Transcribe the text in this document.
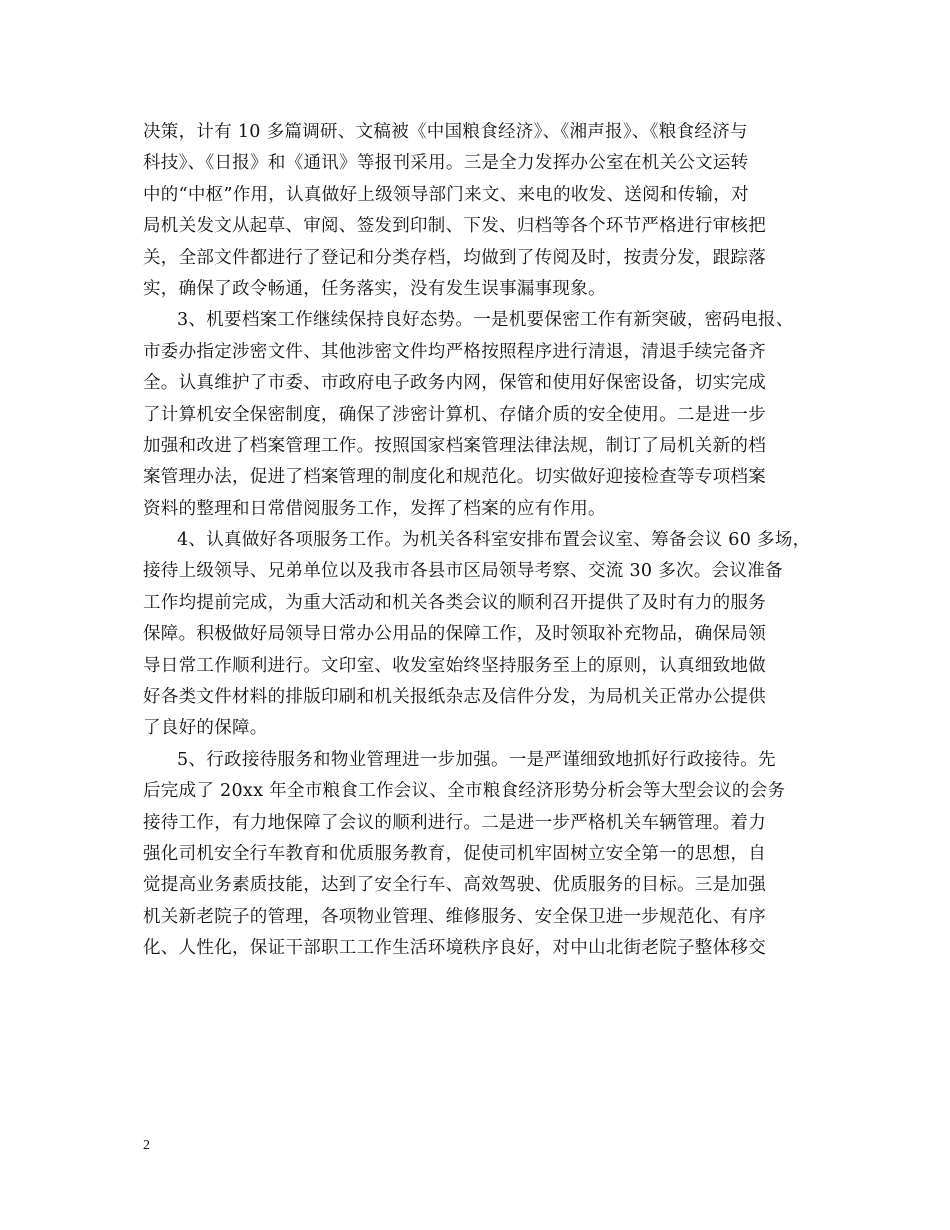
决策，计有 10 多篇调研、文稿被《中国粮食经济》、《湘声报》、《粮食经济与
科技》、《日报》和《通讯》等报刊采用。三是全力发挥办公室在机关公文运转
中的“中枢”作用，认真做好上级领导部门来文、来电的收发、送阅和传输，对
局机关发文从起草、审阅、签发到印制、下发、归档等各个环节严格进行审核把
关，全部文件都进行了登记和分类存档，均做到了传阅及时，按责分发，跟踪落
实，确保了政令畅通，任务落实，没有发生误事漏事现象。
3、机要档案工作继续保持良好态势。一是机要保密工作有新突破，密码电报、
市委办指定涉密文件、其他涉密文件均严格按照程序进行清退，清退手续完备齐
全。认真维护了市委、市政府电子政务内网，保管和使用好保密设备，切实完成
了计算机安全保密制度，确保了涉密计算机、存储介质的安全使用。二是进一步
加强和改进了档案管理工作。按照国家档案管理法律法规，制订了局机关新的档
案管理办法，促进了档案管理的制度化和规范化。切实做好迎接检查等专项档案
资料的整理和日常借阅服务工作，发挥了档案的应有作用。
4、认真做好各项服务工作。为机关各科室安排布置会议室、筹备会议 60 多场，
接待上级领导、兄弟单位以及我市各县市区局领导考察、交流 30 多次。会议准备
工作均提前完成，为重大活动和机关各类会议的顺利召开提供了及时有力的服务
保障。积极做好局领导日常办公用品的保障工作，及时领取补充物品，确保局领
导日常工作顺利进行。文印室、收发室始终坚持服务至上的原则，认真细致地做
好各类文件材料的排版印刷和机关报纸杂志及信件分发，为局机关正常办公提供
了良好的保障。
5、行政接待服务和物业管理进一步加强。一是严谨细致地抓好行政接待。先
后完成了 20xx 年全市粮食工作会议、全市粮食经济形势分析会等大型会议的会务
接待工作，有力地保障了会议的顺利进行。二是进一步严格机关车辆管理。着力
强化司机安全行车教育和优质服务教育，促使司机牢固树立安全第一的思想，自
觉提高业务素质技能，达到了安全行车、高效驾驶、优质服务的目标。三是加强
机关新老院子的管理，各项物业管理、维修服务、安全保卫进一步规范化、有序
化、人性化，保证干部职工工作生活环境秩序良好，对中山北街老院子整体移交
2
